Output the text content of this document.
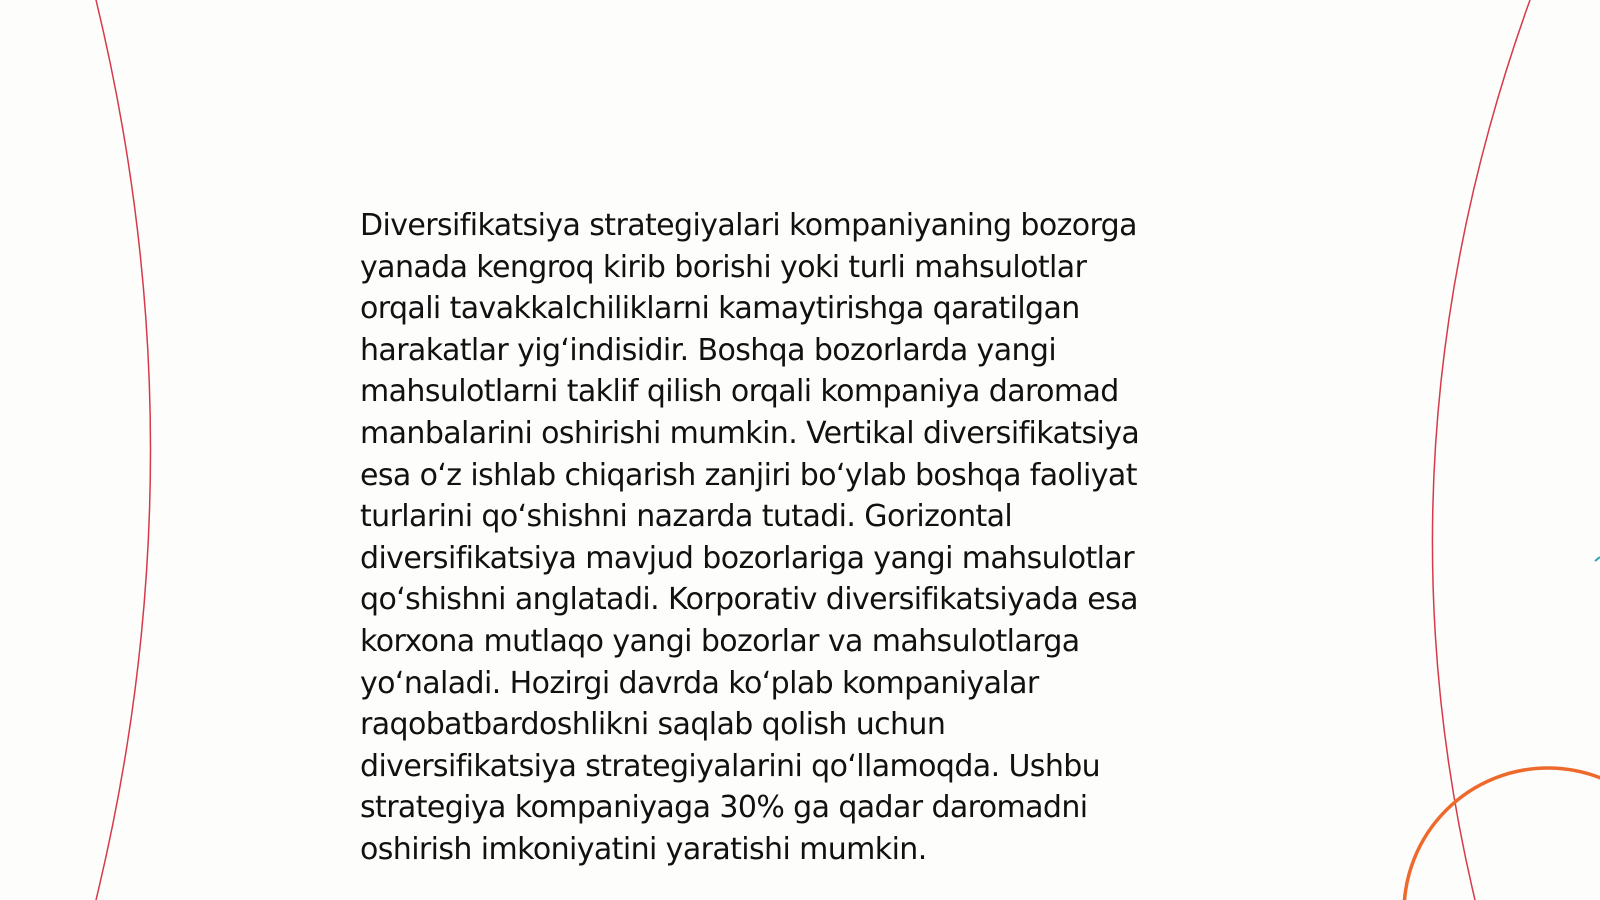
Diversifikatsiya strategiyalari kompaniyaning bozorga
yanada kengroq kirib borishi yoki turli mahsulotlar
orqali tavakkalchiliklarni kamaytirishga qaratilgan
harakatlar yig‘indisidir. Boshqa bozorlarda yangi
mahsulotlarni taklif qilish orqali kompaniya daromad
manbalarini oshirishi mumkin. Vertikal diversifikatsiya
esa o‘z ishlab chiqarish zanjiri bo‘ylab boshqa faoliyat
turlarini qo‘shishni nazarda tutadi. Gorizontal
diversifikatsiya mavjud bozorlariga yangi mahsulotlar
qo‘shishni anglatadi. Korporativ diversifikatsiyada esa
korxona mutlaqo yangi bozorlar va mahsulotlarga
yo‘naladi. Hozirgi davrda ko‘plab kompaniyalar
raqobatbardoshlikni saqlab qolish uchun
diversifikatsiya strategiyalarini qo‘llamoqda. Ushbu
strategiya kompaniyaga 30% ga qadar daromadni
oshirish imkoniyatini yaratishi mumkin.
